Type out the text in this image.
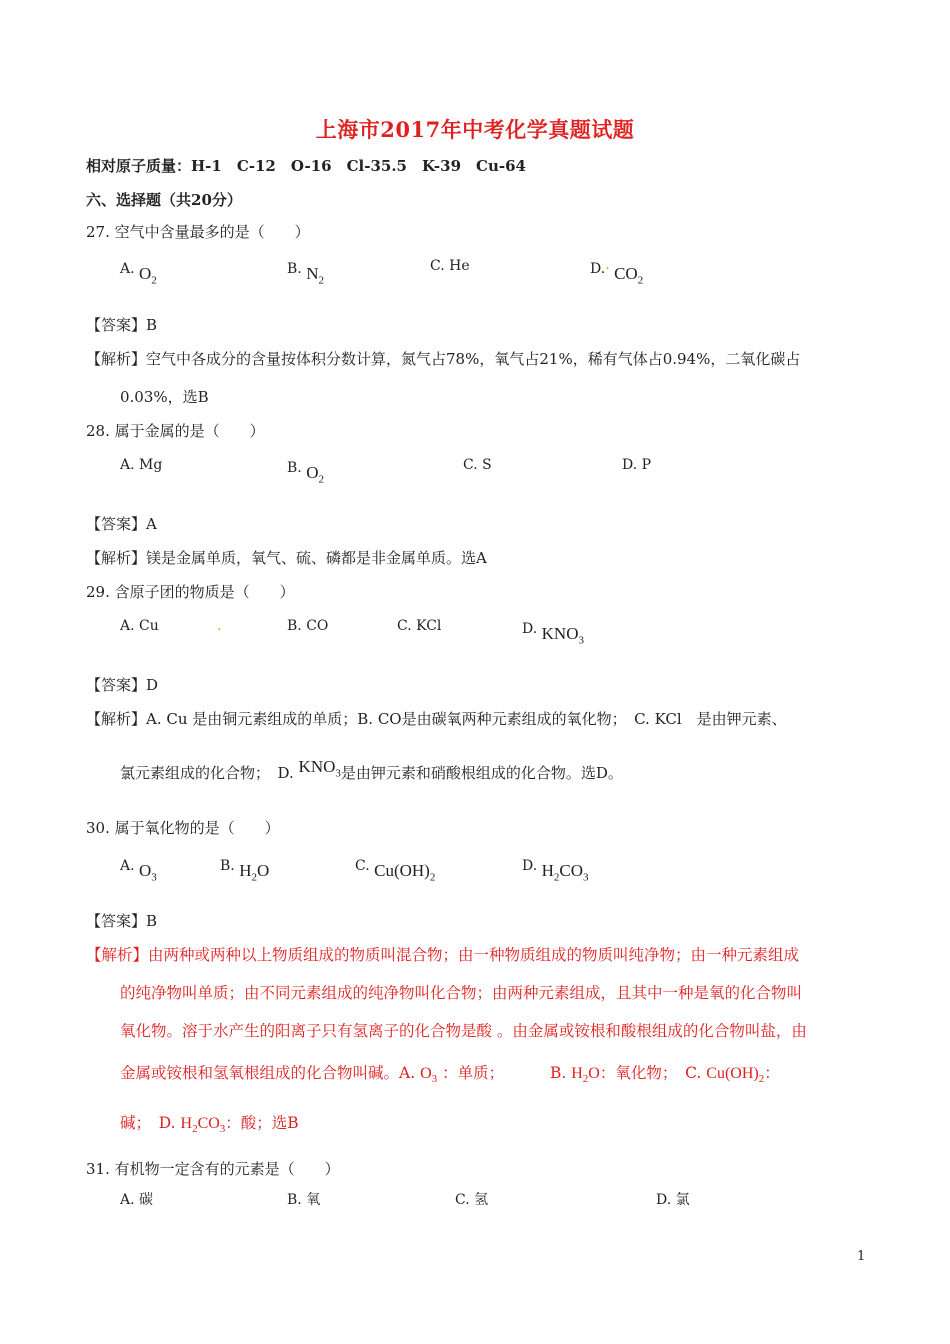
上海市2017年中考化学真题试题
相对原子质量：H-1　C-12　O-16　Cl-35.5　K-39　Cu-64
六、选择题（共20分）
27. 空气中含量最多的是（　　）
A. $O_2$
B. $N_2$
C. He	$D.\cdot CO_2$
【答案】B
【解析】空气中各成分的含量按体积分数计算，氮气占78%，氧气占21%，稀有气体占0.94%，二氧化碳占
0.03%，选B
28. 属于金属的是（　　）
A. Mg	B. $O_2$
C. S	D. P
【答案】A
【解析】镁是金属单质，氧气、硫、磷都是非金属单质。选A
29. 含原子团的物质是（　　）
A. Cu	.	B. CO	C. KCl	D. $KNO_3$
【答案】D
【解析】A. Cu 是由铜元素组成的单质；B. CO是由碳氧两种元素组成的氧化物；　C. KCl　是由钾元素、
氯元素组成的化合物；　D. $KNO_3$是由钾元素和硝酸根组成的化合物。选D。
30. 属于氧化物的是（　　）
A. $O_3$
B. $H_2O$	C. $Cu(OH)_2$
D. $H_2CO_3$
【答案】B
【解析】由两种或两种以上物质组成的物质叫混合物；由一种物质组成的物质叫纯净物；由一种元素组成
的纯净物叫单质；由不同元素组成的纯净物叫化合物；由两种元素组成，且其中一种是氧的化合物叫
氧化物。溶于水产生的阳离子只有氢离子的化合物是酸 。由金属或铵根和酸根组成的化合物叫盐，由
金属或铵根和氢氧根组成的化合物叫碱。A. $O_3$ ：单质；	B. $H_2O$：氧化物；　C. $Cu(OH)_2$：
碱；　D. $H_2CO_3$：酸；选B
31. 有机物一定含有的元素是（　　）
A. 碳	B. 氧	C. 氢	D. 氯
1
